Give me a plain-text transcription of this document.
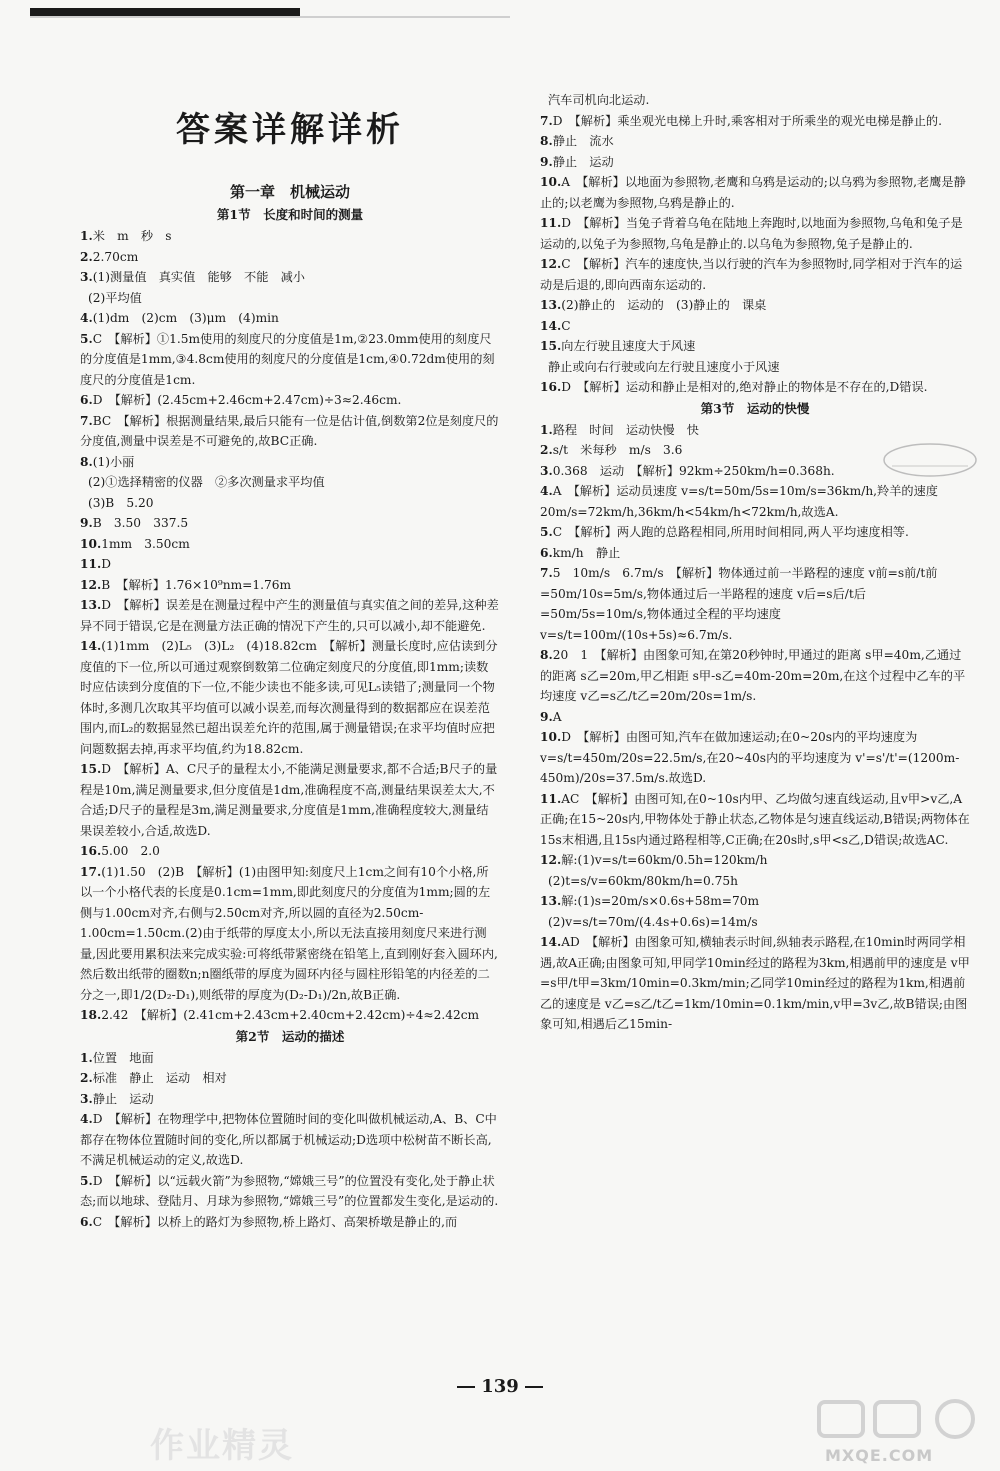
答案详解详析
第一章　机械运动
第1节　长度和时间的测量

1.米　m　秒　s

2.2.70cm

3.(1)测量值　真实值　能够　不能　减小

(2)平均值

4.(1)dm　(2)cm　(3)μm　(4)min

5.C　【解析】①1.5m使用的刻度尺的分度值是1m,②23.0mm使用的刻度尺的分度值是1mm,③4.8cm使用的刻度尺的分度值是1cm,④0.72dm使用的刻度尺的分度值是1cm.

6.D　【解析】(2.45cm+2.46cm+2.47cm)÷3≈2.46cm.

7.BC　【解析】根据测量结果,最后只能有一位是估计值,倒数第2位是刻度尺的分度值,测量中误差是不可避免的,故BC正确.

8.(1)小丽

(2)①选择精密的仪器　②多次测量求平均值

(3)B　5.20

9.B　3.50　337.5

10.1mm　3.50cm

11.D

12.B　【解析】1.76×10⁹nm=1.76m

13.D　【解析】误差是在测量过程中产生的测量值与真实值之间的差异,这种差异不同于错误,它是在测量方法正确的情况下产生的,只可以减小,却不能避免.

14.(1)1mm　(2)L₅　(3)L₂　(4)18.82cm　【解析】测量长度时,应估读到分度值的下一位,所以可通过观察倒数第二位确定刻度尺的分度值,即1mm;读数时应估读到分度值的下一位,不能少读也不能多读,可见L₅读错了;测量同一个物体时,多测几次取其平均值可以减小误差,而每次测量得到的数据都应在误差范围内,而L₂的数据显然已超出误差允许的范围,属于测量错误;在求平均值时应把问题数据去掉,再求平均值,约为18.82cm.

15.D　【解析】A、C尺子的量程太小,不能满足测量要求,都不合适;B尺子的量程是10m,满足测量要求,但分度值是1dm,准确程度不高,测量结果误差太大,不合适;D尺子的量程是3m,满足测量要求,分度值是1mm,准确程度较大,测量结果误差较小,合适,故选D.

16.5.00　2.0

17.(1)1.50　(2)B　【解析】(1)由图甲知:刻度尺上1cm之间有10个小格,所以一个小格代表的长度是0.1cm=1mm,即此刻度尺的分度值为1mm;圆的左侧与1.00cm对齐,右侧与2.50cm对齐,所以圆的直径为2.50cm-1.00cm=1.50cm.(2)由于纸带的厚度太小,所以无法直接用刻度尺来进行测量,因此要用累积法来完成实验:可将纸带紧密绕在铅笔上,直到刚好套入圆环内,然后数出纸带的圈数n;n圈纸带的厚度为圆环内径与圆柱形铅笔的内径差的二分之一,即1/2(D₂-D₁),则纸带的厚度为(D₂-D₁)/2n,故B正确.

18.2.42　【解析】(2.41cm+2.43cm+2.40cm+2.42cm)÷4≈2.42cm

第2节　运动的描述

1.位置　地面

2.标准　静止　运动　相对

3.静止　运动

4.D　【解析】在物理学中,把物体位置随时间的变化叫做机械运动,A、B、C中都存在物体位置随时间的变化,所以都属于机械运动;D选项中松树苗不断长高,不满足机械运动的定义,故选D.

5.D　【解析】以“远载火箭”为参照物,“嫦娥三号”的位置没有变化,处于静止状态;而以地球、登陆月、月球为参照物,“嫦娥三号”的位置都发生变化,是运动的.

6.C　【解析】以桥上的路灯为参照物,桥上路灯、高架桥墩是静止的,而

汽车司机向北运动.

7.D　【解析】乘坐观光电梯上升时,乘客相对于所乘坐的观光电梯是静止的.

8.静止　流水

9.静止　运动

10.A　【解析】以地面为参照物,老鹰和乌鸦是运动的;以乌鸦为参照物,老鹰是静止的;以老鹰为参照物,乌鸦是静止的.

11.D　【解析】当兔子背着乌龟在陆地上奔跑时,以地面为参照物,乌龟和兔子是运动的,以兔子为参照物,乌龟是静止的.以乌龟为参照物,兔子是静止的.

12.C　【解析】汽车的速度快,当以行驶的汽车为参照物时,同学相对于汽车的运动是后退的,即向西南东运动的.

13.(2)静止的　运动的　(3)静止的　课桌

14.C

15.向左行驶且速度大于风速

静止或向右行驶或向左行驶且速度小于风速

16.D　【解析】运动和静止是相对的,绝对静止的物体是不存在的,D错误.

第3节　运动的快慢

1.路程　时间　运动快慢　快

2.s/t　米每秒　m/s　3.6

3.0.368　运动　【解析】92km÷250km/h=0.368h.

4.A　【解析】运动员速度 v=s/t=50m/5s=10m/s=36km/h,羚羊的速度20m/s=72km/h,36km/h<54km/h<72km/h,故选A.

5.C　【解析】两人跑的总路程相同,所用时间相同,两人平均速度相等.

6.km/h　静止

7.5　10m/s　6.7m/s　【解析】物体通过前一半路程的速度 v前=s前/t前=50m/10s=5m/s,物体通过后一半路程的速度 v后=s后/t后=50m/5s=10m/s,物体通过全程的平均速度 v=s/t=100m/(10s+5s)≈6.7m/s.

8.20　1　【解析】由图象可知,在第20秒钟时,甲通过的距离 s甲=40m,乙通过的距离 s乙=20m,甲乙相距 s甲-s乙=40m-20m=20m,在这个过程中乙车的平均速度 v乙=s乙/t乙=20m/20s=1m/s.

9.A

10.D　【解析】由图可知,汽车在做加速运动;在0~20s内的平均速度为 v=s/t=450m/20s=22.5m/s,在20~40s内的平均速度为 v'=s'/t'=(1200m-450m)/20s=37.5m/s.故选D.

11.AC　【解析】由图可知,在0~10s内甲、乙均做匀速直线运动,且v甲>v乙,A正确;在15~20s内,甲物体处于静止状态,乙物体是匀速直线运动,B错误;两物体在15s末相遇,且15s内通过路程相等,C正确;在20s时,s甲<s乙,D错误;故选AC.

12.解:(1)v=s/t=60km/0.5h=120km/h

(2)t=s/v=60km/80km/h=0.75h

13.解:(1)s=20m/s×0.6s+58m=70m

(2)v=s/t=70m/(4.4s+0.6s)=14m/s

14.AD　【解析】由图象可知,横轴表示时间,纵轴表示路程,在10min时两同学相遇,故A正确;由图象可知,甲同学10min经过的路程为3km,相遇前甲的速度是 v甲=s甲/t甲=3km/10min=0.3km/min;乙同学10min经过的路程为1km,相遇前乙的速度是 v乙=s乙/t乙=1km/10min=0.1km/min,v甲=3v乙,故B错误;由图象可知,相遇后乙15min-

139
作业精灵	MXQE.COM
